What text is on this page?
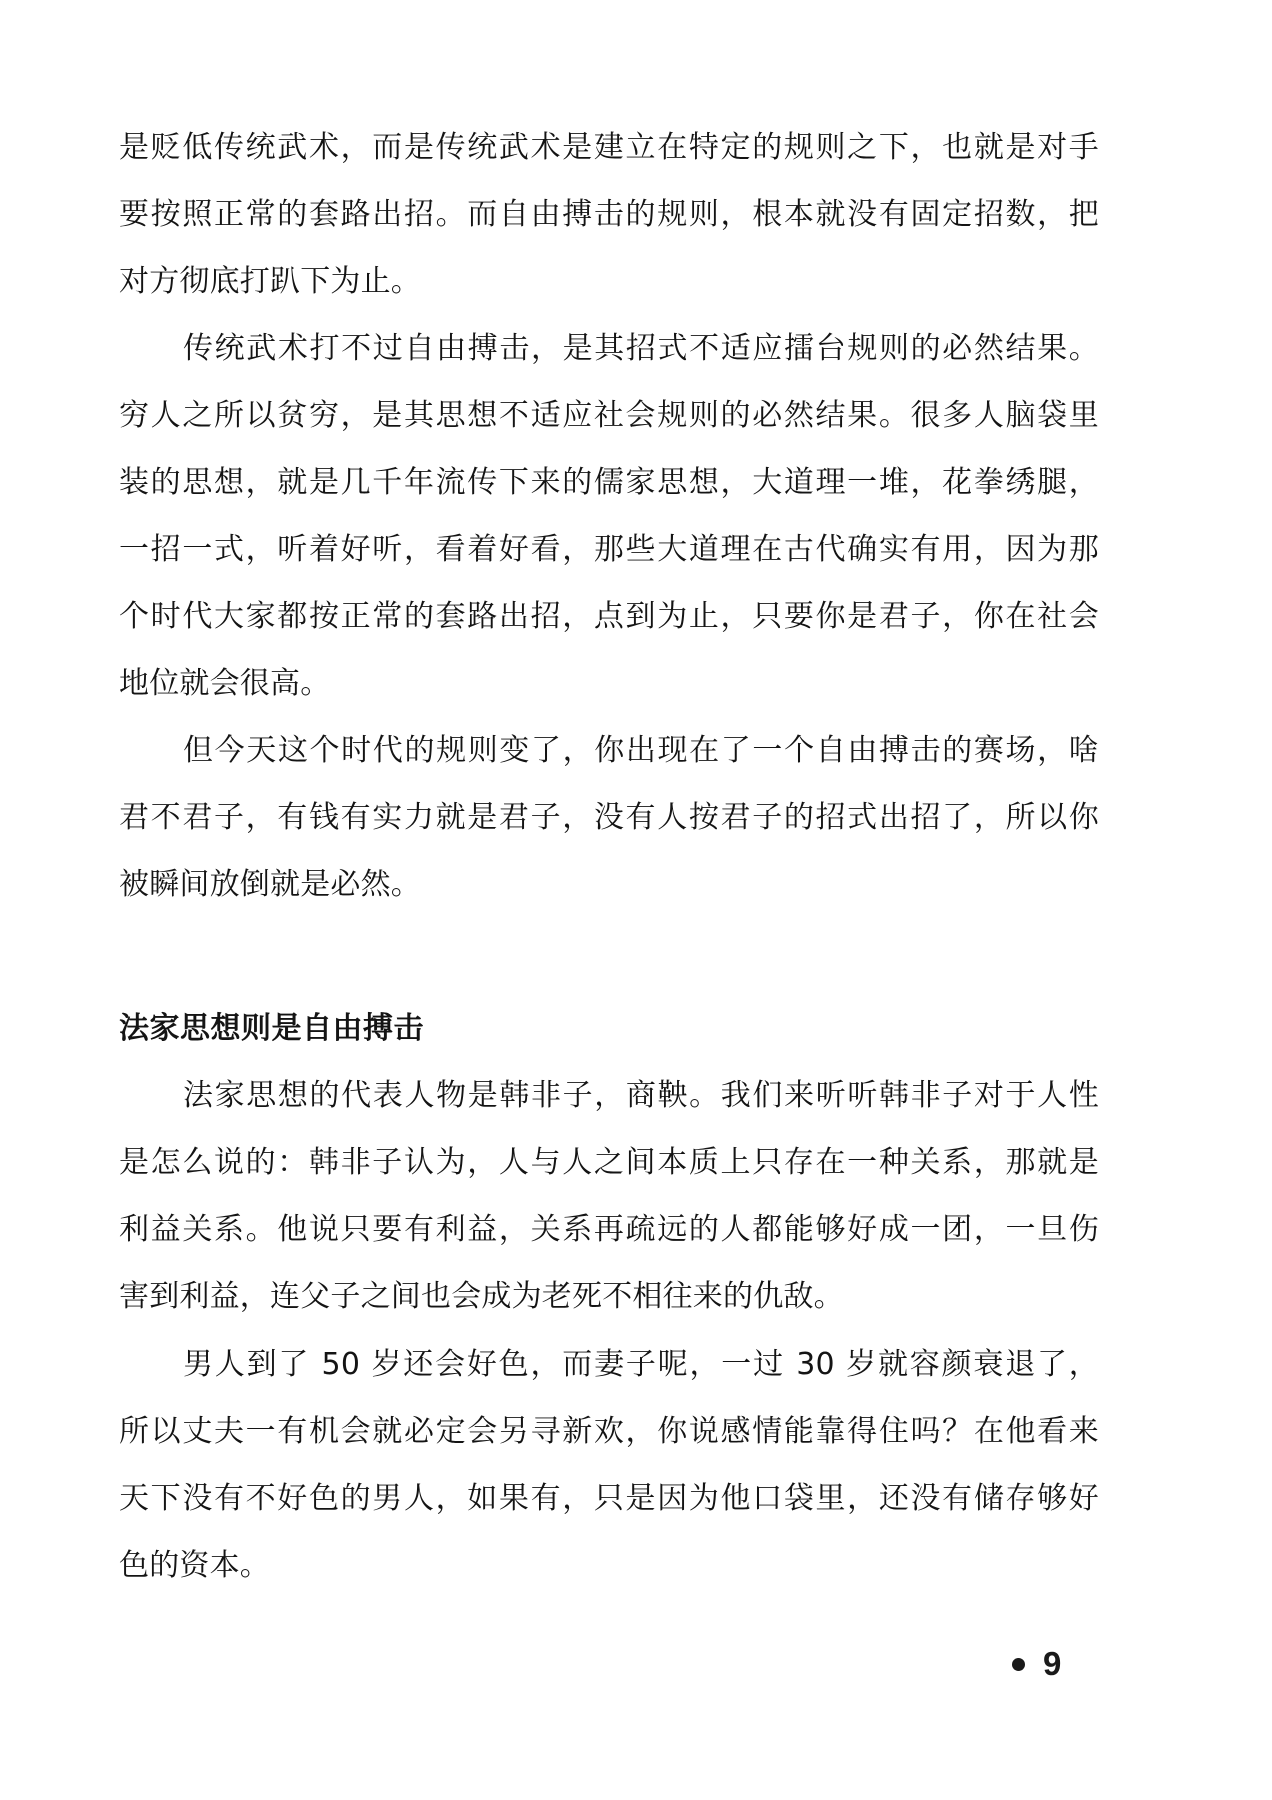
是贬低传统武术，而是传统武术是建立在特定的规则之下，也就是对手
要按照正常的套路出招。而自由搏击的规则，根本就没有固定招数，把
对方彻底打趴下为止。
传统武术打不过自由搏击，是其招式不适应擂台规则的必然结果。
穷人之所以贫穷，是其思想不适应社会规则的必然结果。很多人脑袋里
装的思想，就是几千年流传下来的儒家思想，大道理一堆，花拳绣腿，
一招一式，听着好听，看着好看，那些大道理在古代确实有用，因为那
个时代大家都按正常的套路出招，点到为止，只要你是君子，你在社会
地位就会很高。
但今天这个时代的规则变了，你出现在了一个自由搏击的赛场，啥
君不君子，有钱有实力就是君子，没有人按君子的招式出招了，所以你
被瞬间放倒就是必然。
法家思想则是自由搏击
法家思想的代表人物是韩非子，商鞅。我们来听听韩非子对于人性
是怎么说的：韩非子认为，人与人之间本质上只存在一种关系，那就是
利益关系。他说只要有利益，关系再疏远的人都能够好成一团，一旦伤
害到利益，连父子之间也会成为老死不相往来的仇敌。
男人到了 50 岁还会好色，而妻子呢，一过 30 岁就容颜衰退了，
所以丈夫一有机会就必定会另寻新欢，你说感情能靠得住吗？在他看来
天下没有不好色的男人，如果有，只是因为他口袋里，还没有储存够好
色的资本。
9
